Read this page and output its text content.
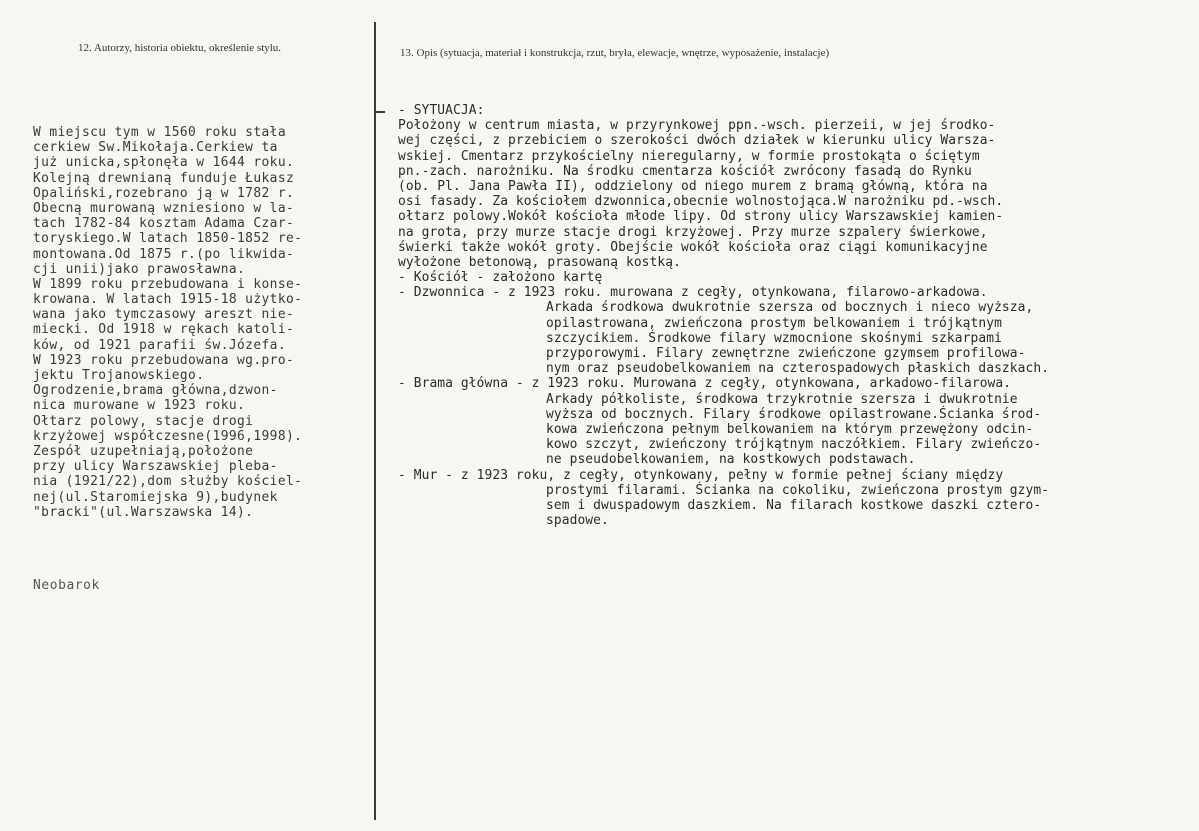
12. Autorzy, historia obiektu, określenie stylu.	13. Opis (sytuacja, materiał i konstrukcja, rzut, bryła, elewacje, wnętrze, wyposażenie, instalacje)
W miejscu tym w 1560 roku stała
cerkiew Sw.Mikołaja.Cerkiew ta
już unicka,spłonęła w 1644 roku.
Kolejną drewnianą funduje Łukasz
Opaliński,rozebrano ją w 1782 r.
Obecną murowaną wzniesiono w la-
tach 1782-84 kosztam Adama Czar-
toryskiego.W latach 1850-1852 re-
montowana.Od 1875 r.(po likwida-
cji unii)jako prawosławna.
W 1899 roku przebudowana i konse-
krowana. W latach 1915-18 użytko-
wana jako tymczasowy areszt nie-
miecki. Od 1918 w rękach katoli-
ków, od 1921 parafii św.Józefa.
W 1923 roku przebudowana wg.pro-
jektu Trojanowskiego.
Ogrodzenie,brama główna,dzwon-
nica murowane w 1923 roku.
Ołtarz polowy, stacje drogi
krzyżowej współczesne(1996,1998).
Zespół uzupełniają,położone
przy ulicy Warszawskiej pleba-
nia (1921/22),dom służby kościel-
nej(ul.Staromiejska 9),budynek
"bracki"(ul.Warszawska 14).
Neobarok
- SYTUACJA:
Położony w centrum miasta, w przyrynkowej ppn.-wsch. pierzeii, w jej środko-
wej części, z przebiciem o szerokości dwóch działek w kierunku ulicy Warsza-
wskiej. Cmentarz przykościelny nieregularny, w formie prostokąta o ściętym
pn.-zach. narożniku. Na środku cmentarza kościół zwrócony fasadą do Rynku
(ob. Pl. Jana Pawła II), oddzielony od niego murem z bramą główną, która na
osi fasady. Za kościołem dzwonnica,obecnie wolnostojąca.W narożniku pd.-wsch.
ołtarz polowy.Wokół kościoła młode lipy. Od strony ulicy Warszawskiej kamien-
na grota, przy murze stacje drogi krzyżowej. Przy murze szpalery świerkowe,
świerki także wokół groty. Obejście wokół kościoła oraz ciągi komunikacyjne
wyłożone betonową, prasowaną kostką.
- Kościół - założono kartę
- Dzwonnica - z 1923 roku. murowana z cegły, otynkowana, filarowo-arkadowa.
Arkada środkowa dwukrotnie szersza od bocznych i nieco wyższa,
opilastrowana, zwieńczona prostym belkowaniem i trójkątnym
szczycikiem. Środkowe filary wzmocnione skośnymi szkarpami
przyporowymi. Filary zewnętrzne zwieńczone gzymsem profilowa-
nym oraz pseudobelkowaniem na czterospadowych płaskich daszkach.
- Brama główna - z 1923 roku. Murowana z cegły, otynkowana, arkadowo-filarowa.
Arkady półkoliste, środkowa trzykrotnie szersza i dwukrotnie
wyższa od bocznych. Filary środkowe opilastrowane.Ścianka środ-
kowa zwieńczona pełnym belkowaniem na którym przewężony odcin-
kowo szczyt, zwieńczony trójkątnym naczółkiem. Filary zwieńczo-
ne pseudobelkowaniem, na kostkowych podstawach.
- Mur - z 1923 roku, z cegły, otynkowany, pełny w formie pełnej ściany między
prostymi filarami. Ścianka na cokoliku, zwieńczona prostym gzym-
sem i dwuspadowym daszkiem. Na filarach kostkowe daszki cztero-
spadowe.
